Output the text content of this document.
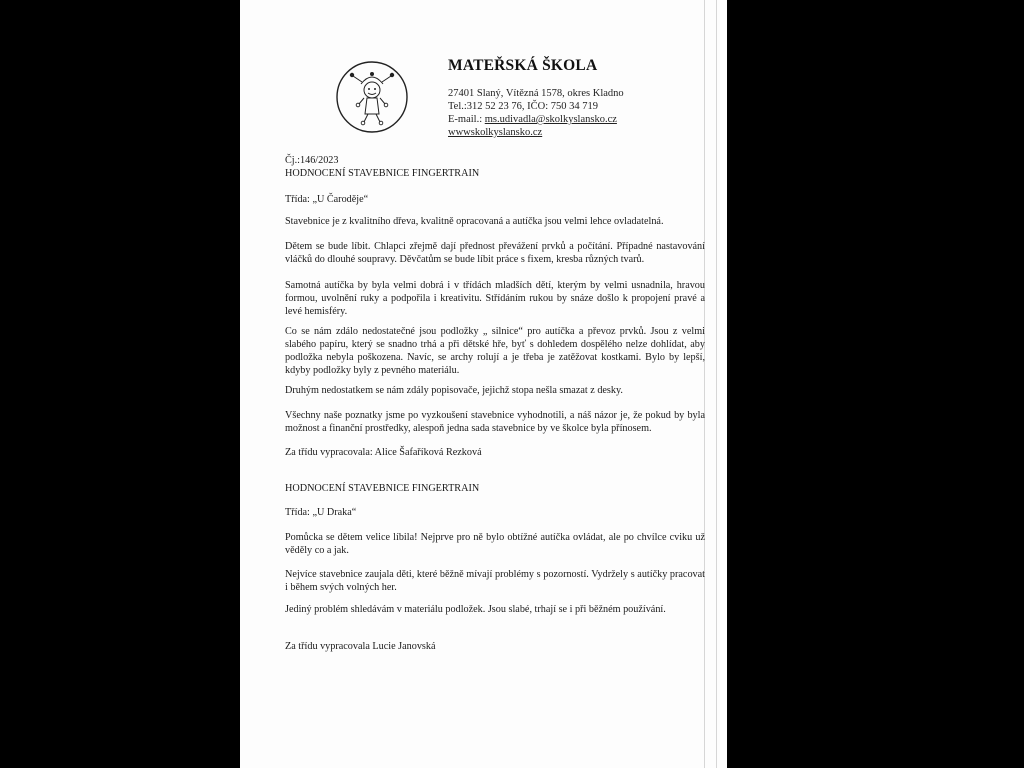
MATEŘSKÁ ŠKOLA
27401 Slaný, Vítězná 1578, okres Kladno
Tel.:312 52 23 76, IČO: 750 34 719
E-mail.: ms.udivadla@skolkyslansko.cz
wwwskolkyslansko.cz
Čj.:146/2023
HODNOCENÍ STAVEBNICE FINGERTRAIN
Třída: „U Čaroděje“

Stavebnice je z kvalitního dřeva, kvalitně opracovaná a autíčka jsou velmi lehce ovladatelná.

Dětem se bude líbit. Chlapci zřejmě dají přednost převážení prvků a počítání. Případné nastavování vláčků do dlouhé soupravy. Děvčatům se bude líbit práce s fixem, kresba různých tvarů.

Samotná autíčka by byla velmi dobrá i v třídách mladších dětí, kterým by velmi usnadnila, hravou formou, uvolnění ruky a podpořila i kreativitu. Střídáním rukou by snáze došlo k propojení pravé a levé hemisféry.

Co se nám zdálo nedostatečné jsou podložky „ silnice“ pro autíčka a převoz prvků. Jsou z velmi slabého papíru, který se snadno trhá a při dětské hře, byť s dohledem dospělého nelze dohlídat, aby podložka nebyla poškozena. Navíc, se archy rolují a je třeba je zatěžovat kostkami. Bylo by lepší, kdyby podložky byly z pevného materiálu.

Druhým nedostatkem se nám zdály popisovače, jejichž stopa nešla smazat z desky.

Všechny naše poznatky jsme po vyzkoušení stavebnice vyhodnotili, a náš názor je, že pokud by byla možnost a finanční prostředky, alespoň jedna sada stavebnice by ve školce byla přínosem.

Za třídu vypracovala: Alice Šafaříková Rezková
HODNOCENÍ STAVEBNICE FINGERTRAIN
Třída: „U Draka“

Pomůcka se dětem velice líbila! Nejprve pro ně bylo obtížné autíčka ovládat, ale po chvílce cviku už věděly co a jak.

Nejvíce stavebnice zaujala děti, které běžně mívají problémy s pozorností. Vydržely s autíčky pracovat i během svých volných her.

Jediný problém shledávám v materiálu podložek. Jsou slabé, trhají se i při běžném používání.

Za třídu vypracovala Lucie Janovská
